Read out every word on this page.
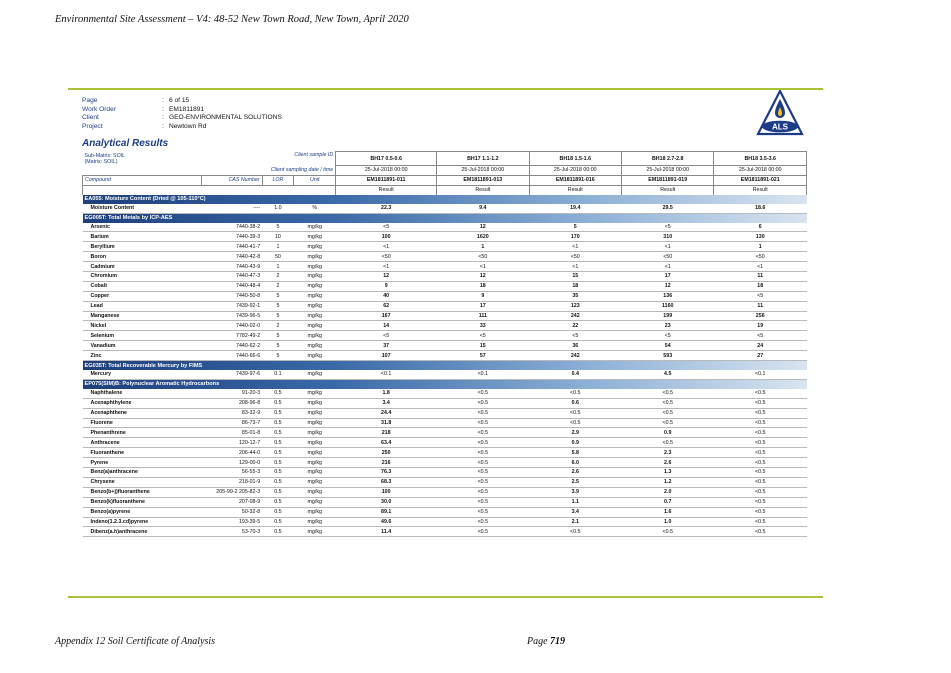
Environmental Site Assessment – V4: 48-52 New Town Road, New Town, April 2020
Page	: 6 of 15
Work Order	: EM1811891
Client	: GEO-ENVIRONMENTAL SOLUTIONS
Project	: Newtown Rd	ALS
Analytical Results
Sub-Matrix: SOIL
(Matrix: SOIL)		Client sample ID		BH17 0.5-0.6	BH17 1.1-1.2	BH18 1.5-1.6	BH18 2.7-2.8	BH18 3.5-3.6
Client sampling date / time				25-Jul-2018 00:00	25-Jul-2018 00:00	25-Jul-2018 00:00	25-Jul-2018 00:00	25-Jul-2018 00:00
Compound	CAS Number	LOR	Unit	EM1811891-011	EM1811891-013	EM1811891-016	EM1811891-019	EM1811891-021
				Result	Result	Result	Result	Result
EA055: Moisture Content (Dried @ 105-110°C)								
Moisture Content	----	1.0	%	22.3	9.4	19.4	29.5	18.6
EG005T: Total Metals by ICP-AES								
Arsenic	7440-38-2	5	mg/kg	<5	12	5	<5	6
Barium	7440-39-3	10	mg/kg	100	1620	170	310	130
Beryllium	7440-41-7	1	mg/kg	<1	1	<1	<1	1
Boron	7440-42-8	50	mg/kg	<50	<50	<50	<50	<50
Cadmium	7440-43-9	1	mg/kg	<1	<1	<1	<1	<1
Chromium	7440-47-3	2	mg/kg	12	12	15	17	11
Cobalt	7440-48-4	2	mg/kg	9	18	18	12	18
Copper	7440-50-8	5	mg/kg	40	9	35	136	<5
Lead	7439-92-1	5	mg/kg	62	17	123	1160	11
Manganese	7439-96-5	5	mg/kg	167	111	242	199	256
Nickel	7440-02-0	2	mg/kg	14	33	22	23	19
Selenium	7782-49-2	5	mg/kg	<5	<5	<5	<5	<5
Vanadium	7440-62-2	5	mg/kg	37	15	36	54	24
Zinc	7440-66-6	5	mg/kg	107	57	242	593	27
EG035T: Total Recoverable Mercury by FIMS								
Mercury	7439-97-6	0.1	mg/kg	<0.1	<0.1	0.4	4.5	<0.1
EP075(SIM)B: Polynuclear Aromatic Hydrocarbons								
Naphthalene	91-20-3	0.5	mg/kg	1.8	<0.5	<0.5	<0.5	<0.5
Acenaphthylene	208-96-8	0.5	mg/kg	3.4	<0.5	0.6	<0.5	<0.5
Acenaphthene	83-32-9	0.5	mg/kg	24.4	<0.5	<0.5	<0.5	<0.5
Fluorene	86-73-7	0.5	mg/kg	31.8	<0.5	<0.5	<0.5	<0.5
Phenanthrene	85-01-8	0.5	mg/kg	218	<0.5	2.9	0.9	<0.5
Anthracene	120-12-7	0.5	mg/kg	63.4	<0.5	0.9	<0.5	<0.5
Fluoranthene	206-44-0	0.5	mg/kg	250	<0.5	5.8	2.3	<0.5
Pyrene	129-00-0	0.5	mg/kg	216	<0.5	6.0	2.6	<0.5
Benz(a)anthracene	56-55-3	0.5	mg/kg	76.3	<0.5	2.6	1.3	<0.5
Chrysene	218-01-9	0.5	mg/kg	68.3	<0.5	2.5	1.2	<0.5
Benzo(b+j)fluoranthene	205-99-2 205-82-3	0.5	mg/kg	100	<0.5	3.9	2.0	<0.5
Benzo(k)fluoranthene	207-08-9	0.5	mg/kg	30.0	<0.5	1.1	0.7	<0.5
Benzo(a)pyrene	50-32-8	0.5	mg/kg	89.1	<0.5	3.4	1.6	<0.5
Indeno(1.2.3.cd)pyrene	193-39-5	0.5	mg/kg	49.6	<0.5	2.1	1.0	<0.5
Dibenz(a.h)anthracene	53-70-3	0.5	mg/kg	11.4	<0.5	<0.5	<0.5	<0.5
Appendix 12 Soil Certificate of Analysis	Page 719
